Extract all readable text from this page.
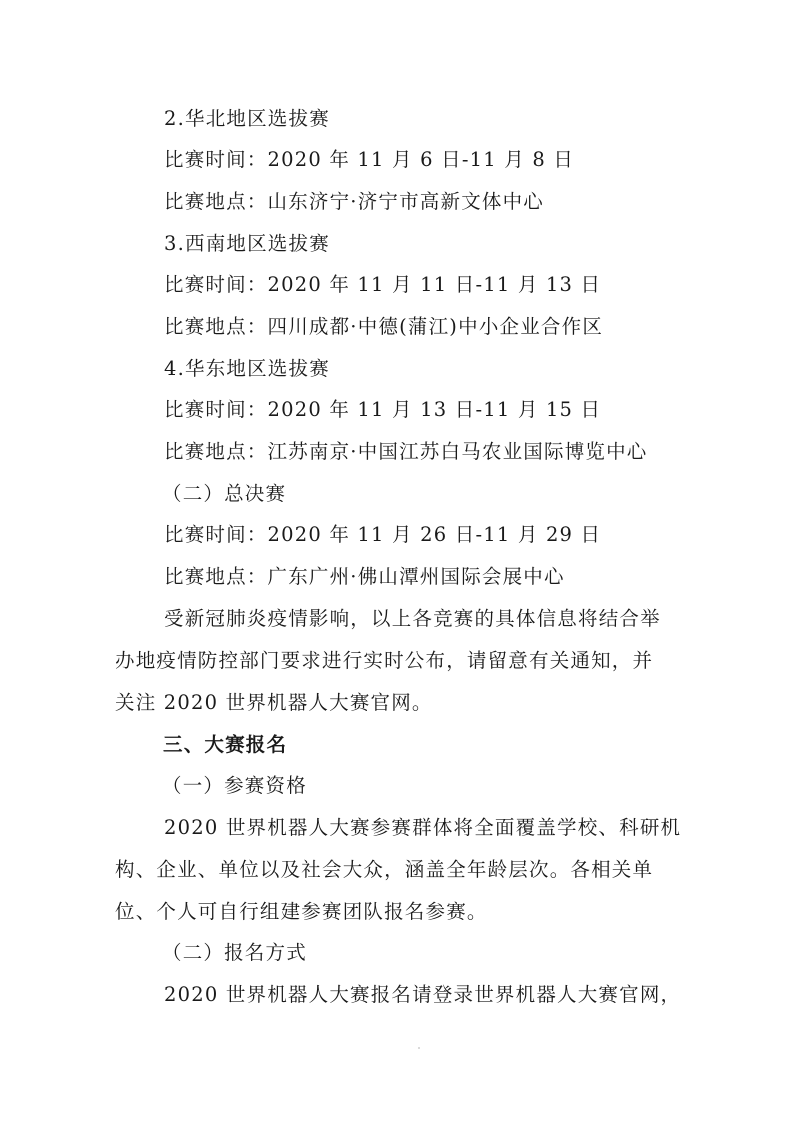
2.华北地区选拔赛
比赛时间：2020 年 11 月 6 日-11 月 8 日
比赛地点：山东济宁·济宁市高新文体中心
3.西南地区选拔赛
比赛时间：2020 年 11 月 11 日-11 月 13 日
比赛地点：四川成都·中德(蒲江)中小企业合作区
4.华东地区选拔赛
比赛时间：2020 年 11 月 13 日-11 月 15 日
比赛地点：江苏南京·中国江苏白马农业国际博览中心
（二）总决赛
比赛时间：2020 年 11 月 26 日-11 月 29 日
比赛地点：广东广州·佛山潭州国际会展中心
受新冠肺炎疫情影响，以上各竞赛的具体信息将结合举
办地疫情防控部门要求进行实时公布，请留意有关通知，并
关注 2020 世界机器人大赛官网。
三、大赛报名
（一）参赛资格
2020 世界机器人大赛参赛群体将全面覆盖学校、科研机
构、企业、单位以及社会大众，涵盖全年龄层次。各相关单
位、个人可自行组建参赛团队报名参赛。
（二）报名方式
2020 世界机器人大赛报名请登录世界机器人大赛官网，
